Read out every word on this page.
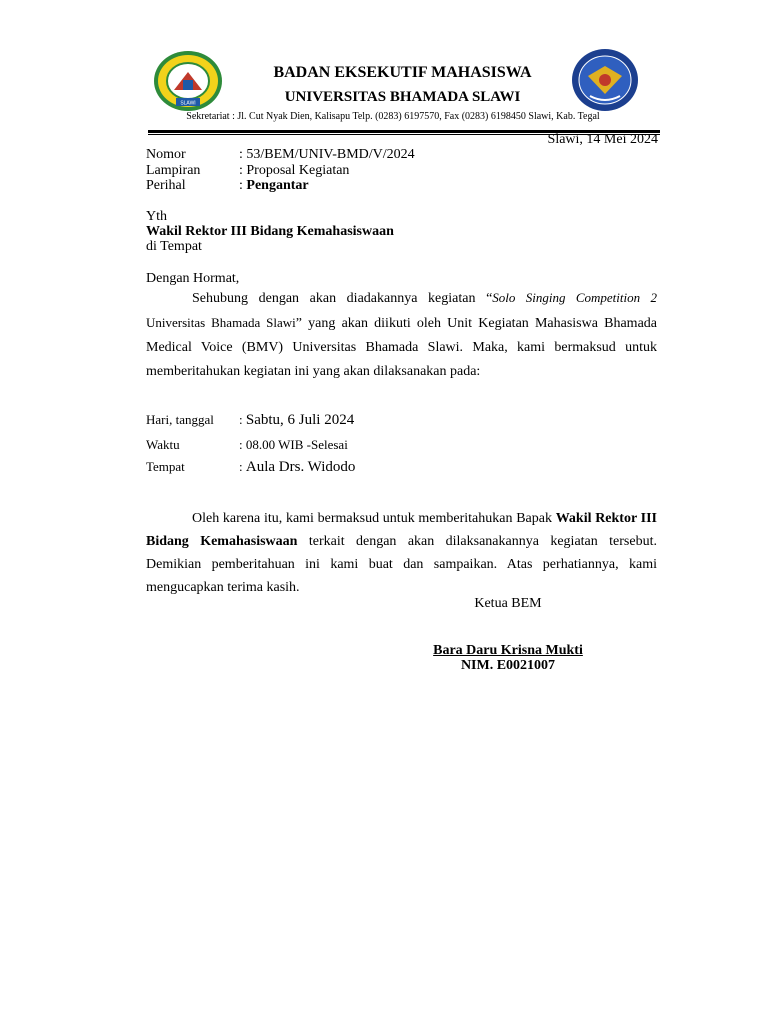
SLAWI
BADAN EKSEKUTIF MAHASISWA
UNIVERSITAS BHAMADA SLAWI
Sekretariat : Jl. Cut Nyak Dien, Kalisapu Telp. (0283) 6197570, Fax (0283) 6198450 Slawi, Kab. Tegal
Slawi, 14 Mei 2024
Nomor	: 53/BEM/UNIV-BMD/V/2024
Lampiran	: Proposal Kegiatan
Perihal	: Pengantar
Yth
Wakil Rektor III Bidang Kemahasiswaan
di Tempat
Dengan Hormat,
Sehubung dengan akan diadakannya kegiatan “Solo Singing Competition 2 Universitas Bhamada Slawi” yang akan diikuti oleh Unit Kegiatan Mahasiswa Bhamada Medical Voice (BMV) Universitas Bhamada Slawi. Maka, kami bermaksud untuk memberitahukan kegiatan ini yang akan dilaksanakan pada:
Hari, tanggal : Sabtu, 6 Juli 2024
Waktu	: 08.00 WIB -Selesai
Tempat	: Aula Drs. Widodo
Oleh karena itu, kami bermaksud untuk memberitahukan Bapak Wakil Rektor III Bidang Kemahasiswaan terkait dengan akan dilaksanakannya kegiatan tersebut. Demikian pemberitahuan ini kami buat dan sampaikan. Atas perhatiannya, kami mengucapkan terima kasih.
Ketua BEM
Bara Daru Krisna Mukti
NIM. E0021007
